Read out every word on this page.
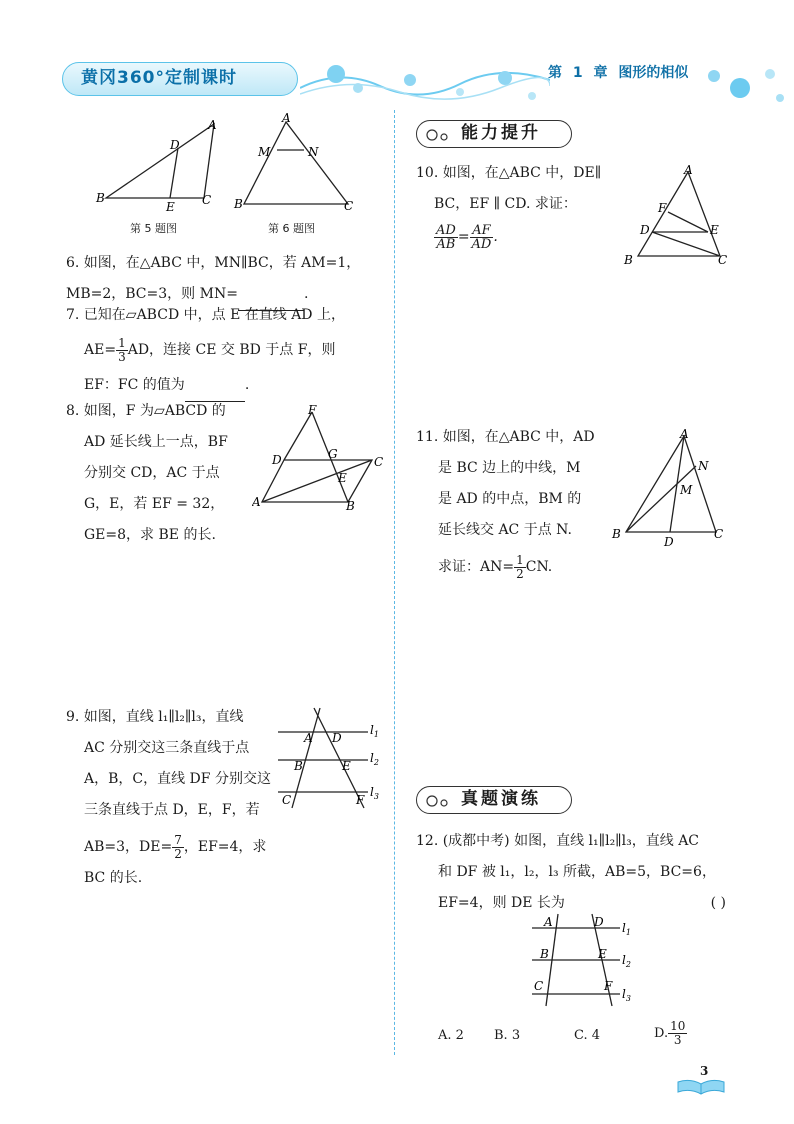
黄冈360°定制课时	第 1 章 图形的相似
A
D
B
E C
第 5 题图
A
M	N
B	C
第 6 题图
6. 如图，在△ABC 中，MN∥BC，若 AM=1，
MB=2，BC=3，则 MN=	.
7. 已知在▱ABCD 中，点 E 在直线 AD 上，
$AE= \frac{1}{3}$ AD，连接 CE 交 BD 于点 F，则
EF：FC 的值为	.
8. 如图，F 为▱ABCD 的
AD 延长线上一点，BF
分别交 CD，AC 于点
G，E，若 EF = 32，
GE=8，求 BE 的长.
F
D	G
C
E
A	B
9. 如图，直线 l₁∥l₂∥l₃，直线
AC 分别交这三条直线于点
A，B，C，直线 DF 分别交这
三条直线于点 D，E，F，若
AB=3，$DE= \frac{7}{2}$ ，EF=4，求 BC 的长.
A D
B	E
C	F
$l_1$
$l_2$
$l_3$
能力提升
10. 如图，在△ABC 中，DE∥
BC，EF ∥ CD. 求证：
$\frac{AD}{AB} = \frac{AF}{AD}$ .
A
F
D	E
B	C
11. 如图，在△ABC 中，AD
是 BC 边上的中线，M
是 AD 的中点，BM 的
延长线交 AC 于点 N.
求证：$AN= \frac{1}{2}$ CN.
A
N
M
B
D
C
真题演练
12. (成都中考) 如图，直线 l₁∥l₂∥l₃，直线 AC
和 DF 被 l₁，l₂，l₃ 所截，AB=5，BC=6，
EF=4，则 DE 长为	( )
A	D
B	E
C	F
$l_1$
$l_2$
$l_3$
A. 2 B. 3	C. 4	D. $\frac{10}{3}$
3
